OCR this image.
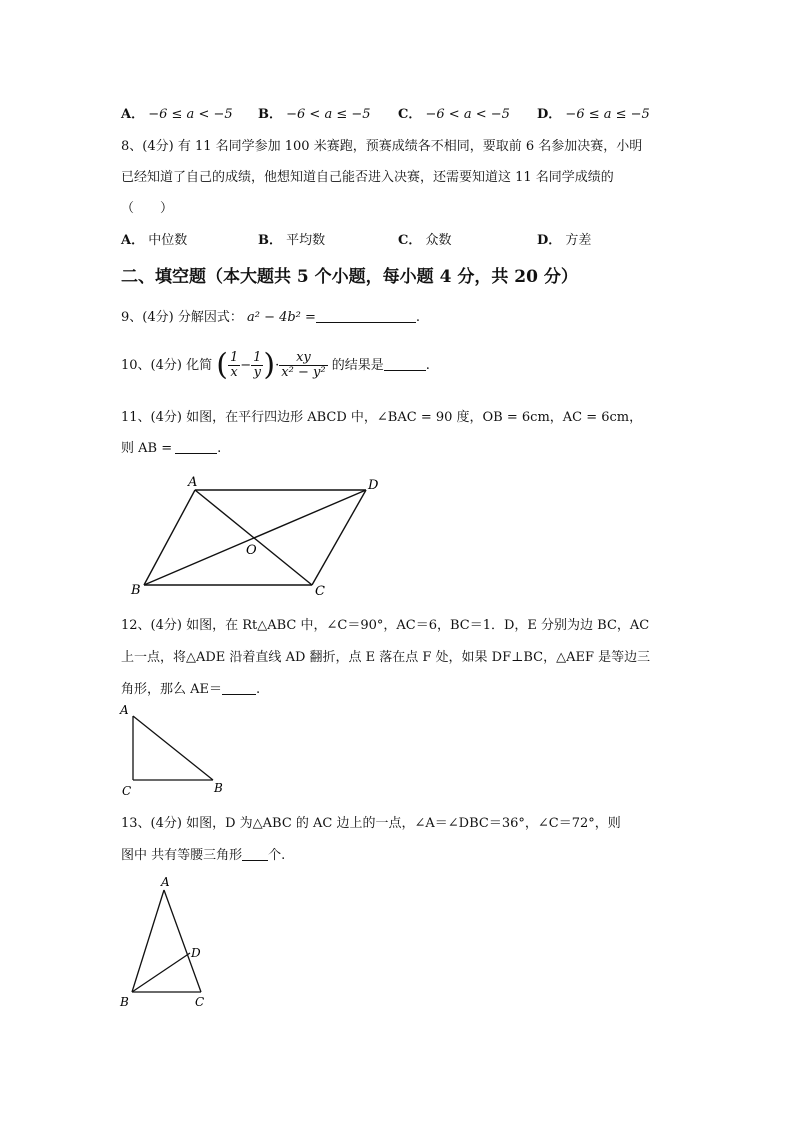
A． −6 ≤ a < −5 B． −6 < a ≤ −5 C． −6 < a < −5 D． −6 ≤ a ≤ −5
8、(4分) 有 11 名同学参加 100 米赛跑，预赛成绩各不相同，要取前 6 名参加决赛，小明
已经知道了自己的成绩，他想知道自己能否进入决赛，还需要知道这 11 名同学成绩的
（　　）
A． 中位数	B． 平均数	C． 众数	D． 方差
二、填空题（本大题共 5 个小题，每小题 4 分，共 20 分）
9、(4分) 分解因式： a² − 4b² =	.
10、(4分) 化简 ( $\frac{1}{x} - \frac{1}{y}$ )· $\frac{xy}{\text{x² − y²}}$ 的结果是	.
11、(4分) 如图，在平行四边形 ABCD 中，∠BAC = 90 度，OB = 6cm，AC = 6cm，
则 AB =	.
A	D
B	C
O
12、(4分) 如图，在 Rt△ABC 中，∠C＝90°，AC＝6，BC＝1．D，E 分别为边 BC，AC
上一点，将△ADE 沿着直线 AD 翻折，点 E 落在点 F 处，如果 DF⊥BC，△AEF 是等边三
角形，那么 AE＝	.
A
C	B
13、(4分) 如图，D 为△ABC 的 AC 边上的一点，∠A＝∠DBC＝36°，∠C＝72°，则
图中 共有等腰三角形 个.
A
D
B	C
